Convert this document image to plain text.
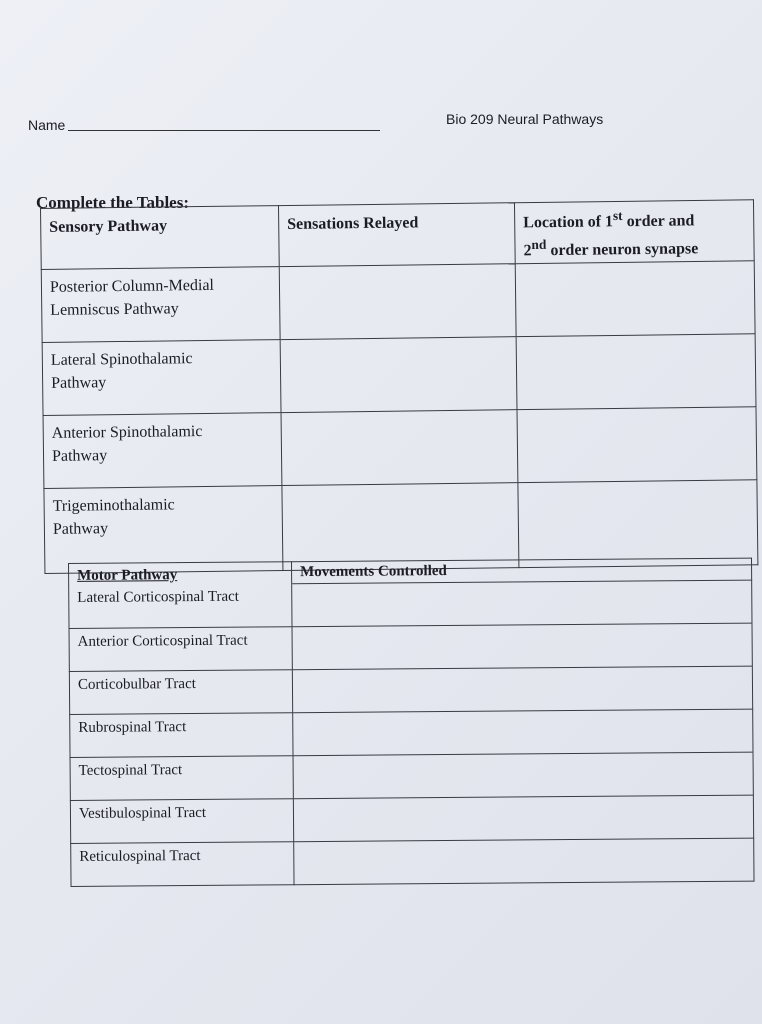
Name	Bio 209 Neural Pathways
Complete the Tables:
Sensory Pathway	Sensations Relayed	Location of 1st order and
2nd order neuron synapse
Posterior Column-Medial
Lemniscus Pathway		
Lateral Spinothalamic
Pathway		
Anterior Spinothalamic
Pathway		
Trigeminothalamic
Pathway		
Motor Pathway	Movements Controlled
Lateral Corticospinal Tract	
Anterior Corticospinal Tract	
Corticobulbar Tract	
Rubrospinal Tract	
Tectospinal Tract	
Vestibulospinal Tract	
Reticulospinal Tract	
